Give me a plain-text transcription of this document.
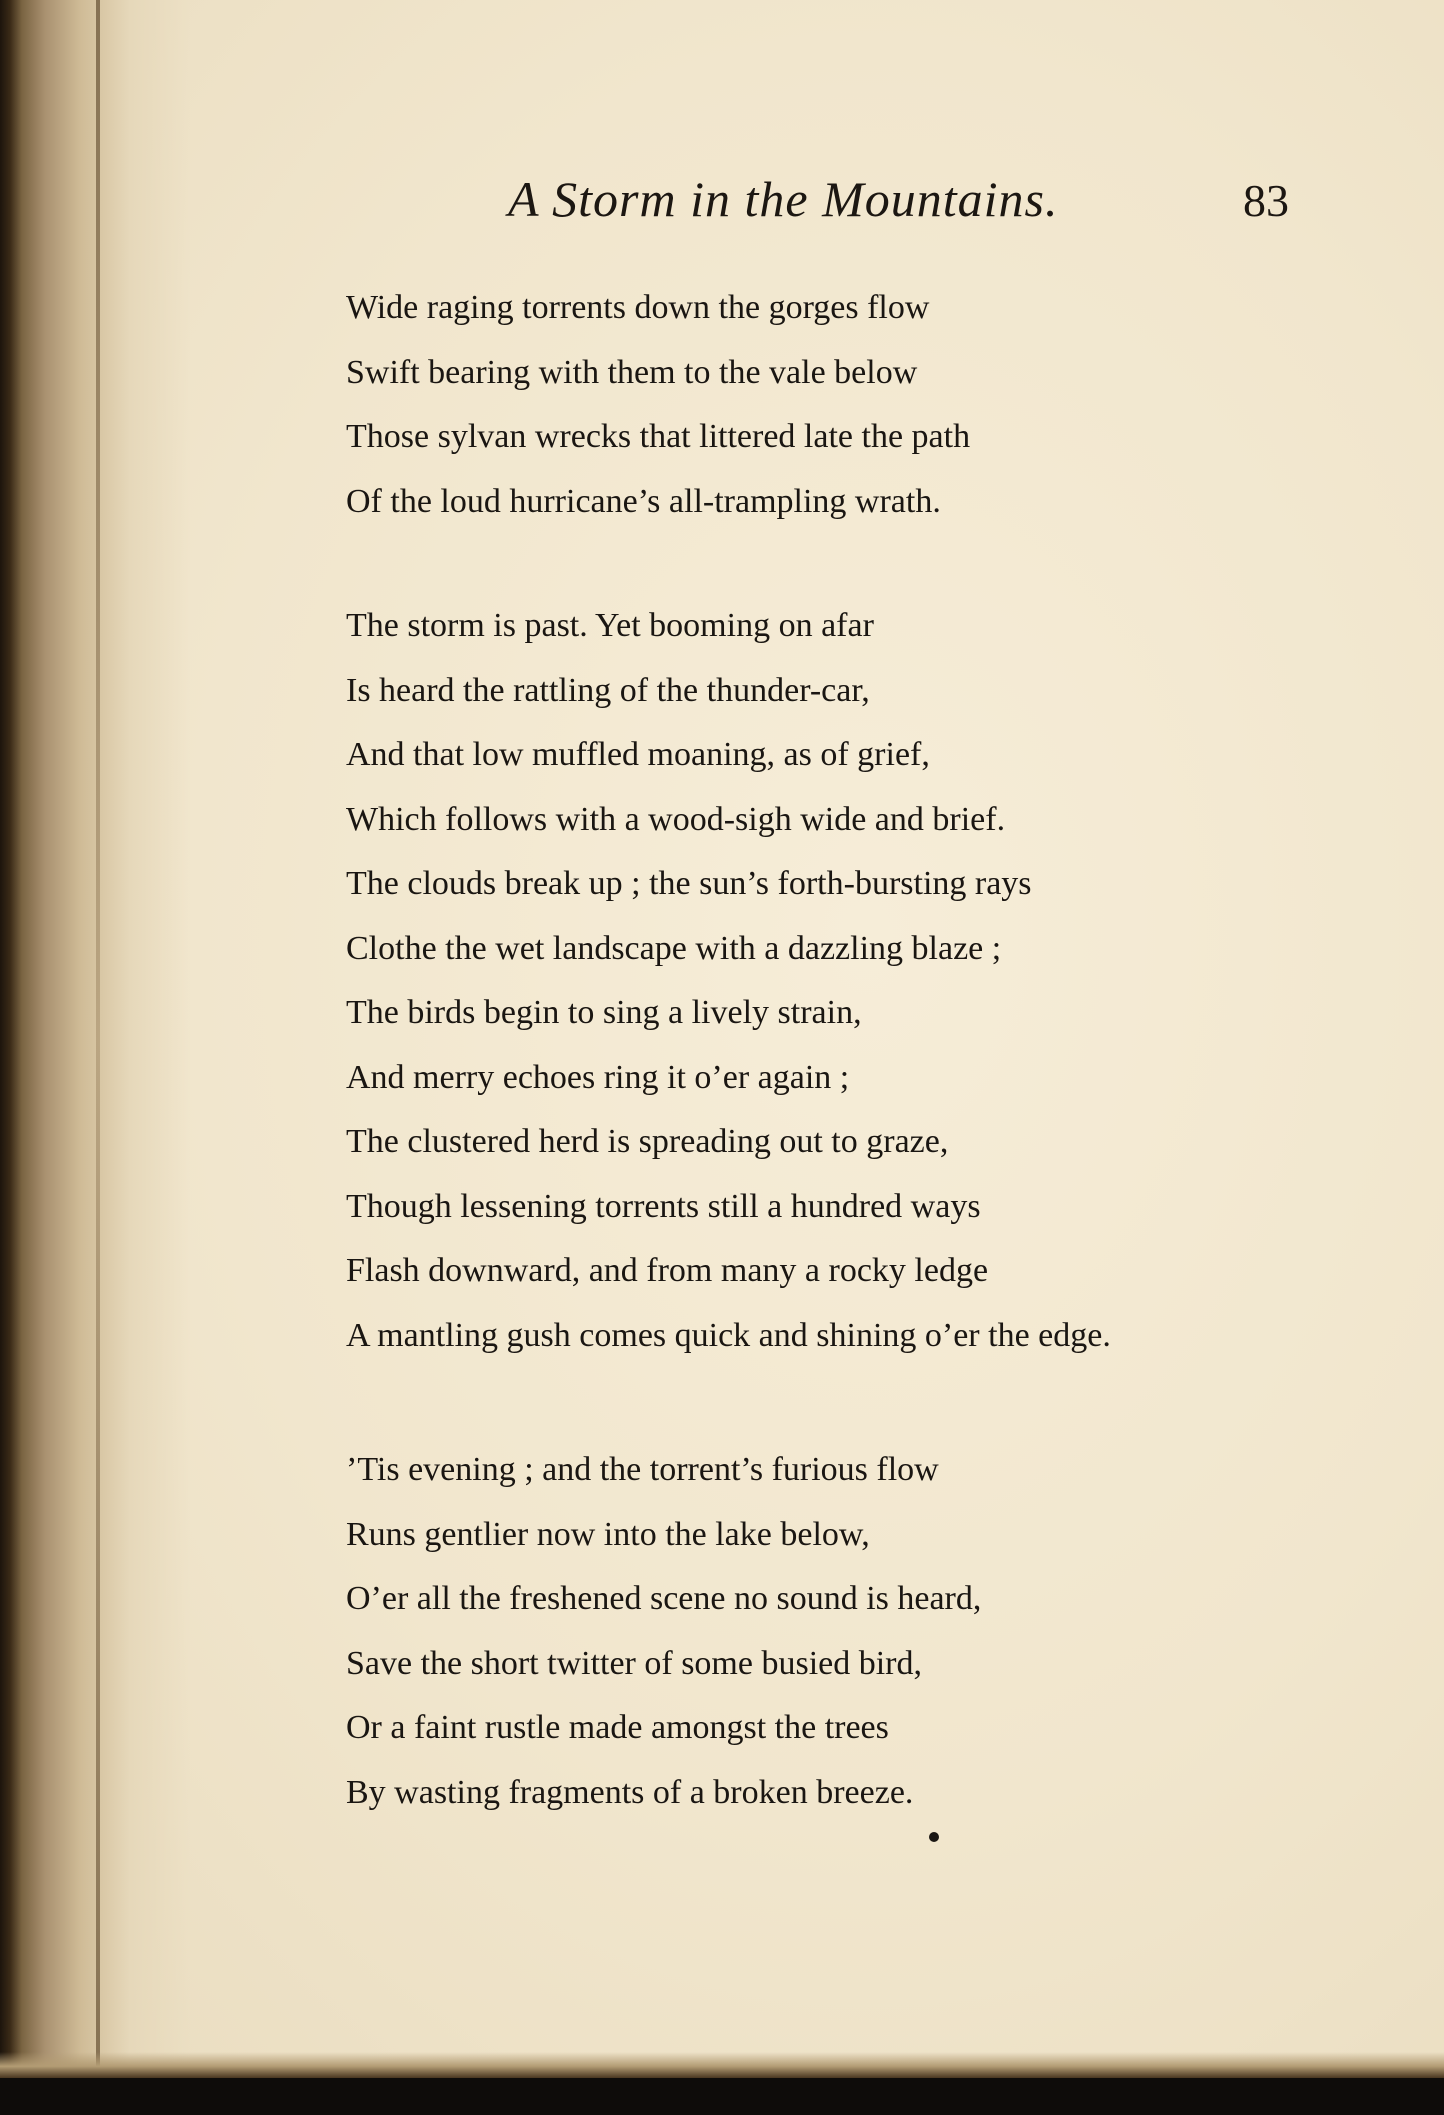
A Storm in the Mountains.	83
Wide raging torrents down the gorges flow
Swift bearing with them to the vale below
Those sylvan wrecks that littered late the path
Of the loud hurricane’s all-trampling wrath.
The storm is past. Yet booming on afar
Is heard the rattling of the thunder-car,
And that low muffled moaning, as of grief,
Which follows with a wood-sigh wide and brief.
The clouds break up ; the sun’s forth-bursting rays
Clothe the wet landscape with a dazzling blaze ;
The birds begin to sing a lively strain,
And merry echoes ring it o’er again ;
The clustered herd is spreading out to graze,
Though lessening torrents still a hundred ways
Flash downward, and from many a rocky ledge
A mantling gush comes quick and shining o’er the edge.
’Tis evening ; and the torrent’s furious flow
Runs gentlier now into the lake below,
O’er all the freshened scene no sound is heard,
Save the short twitter of some busied bird,
Or a faint rustle made amongst the trees
By wasting fragments of a broken breeze.
